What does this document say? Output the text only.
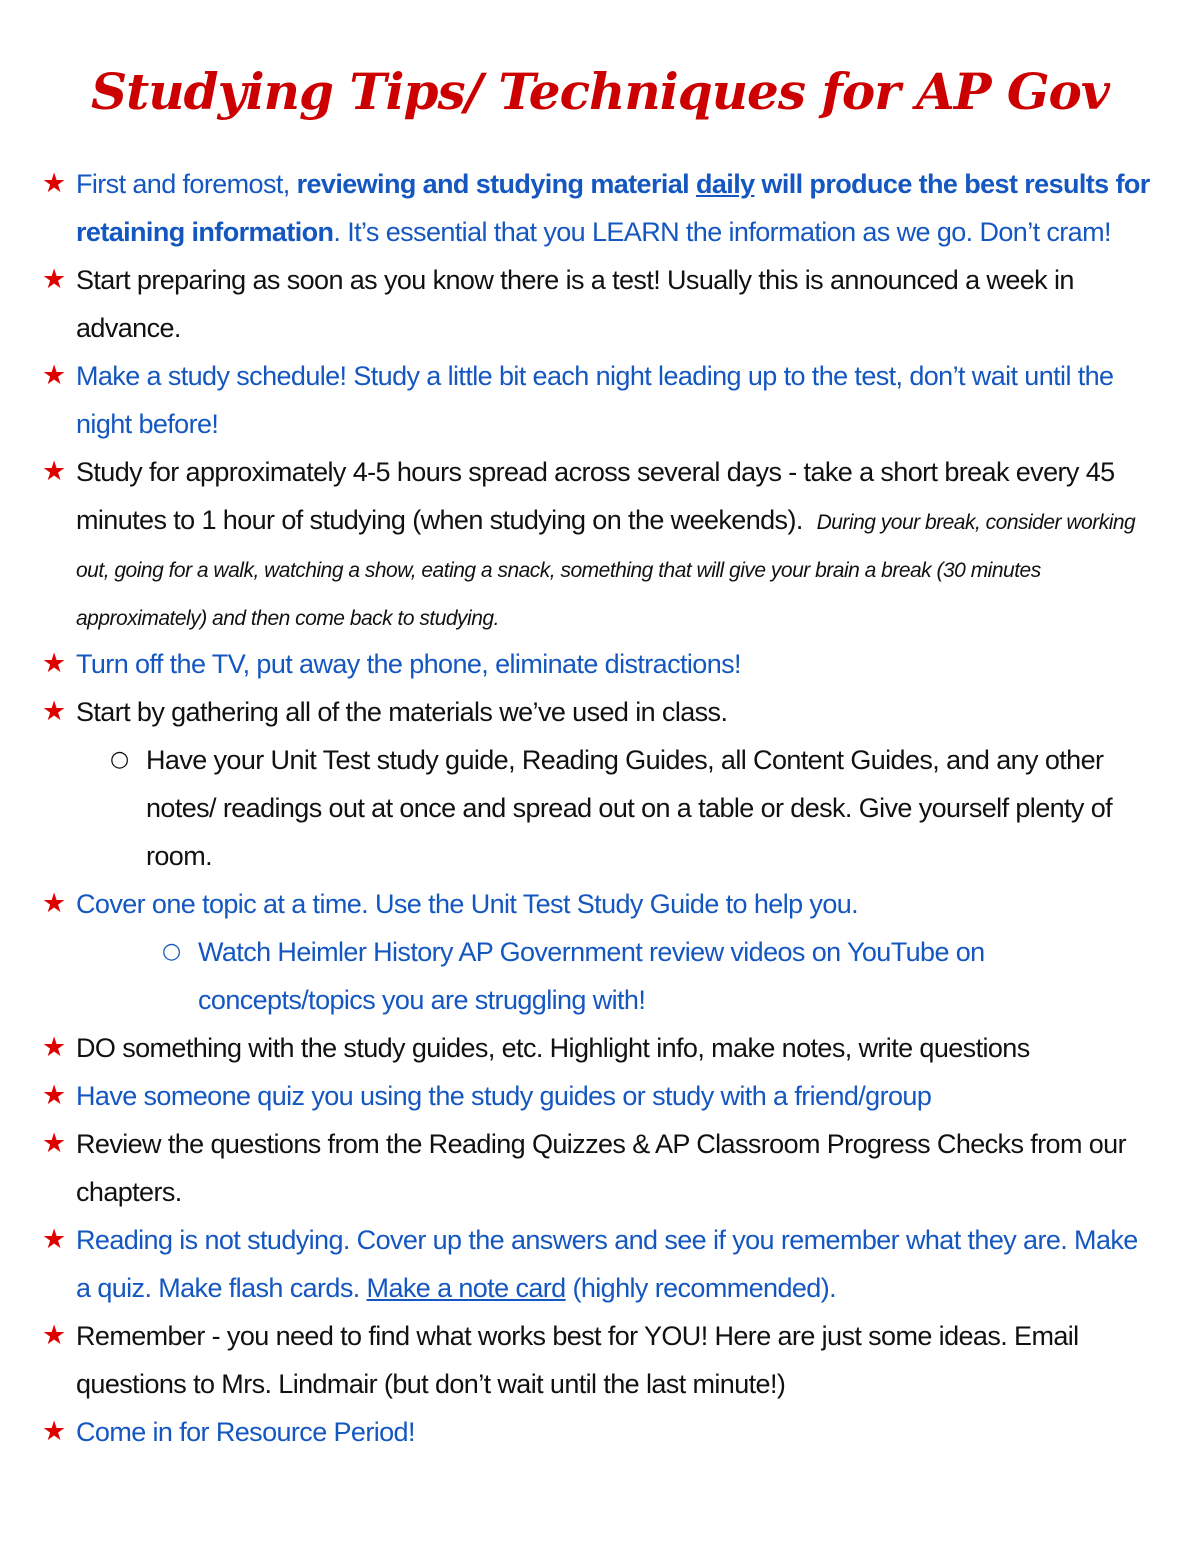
Studying Tips/ Techniques for AP Gov
★ First and foremost, reviewing and studying material daily will produce the best results for retaining information. It’s essential that you LEARN the information as we go. Don’t cram!
★ Start preparing as soon as you know there is a test! Usually this is announced a week in advance.
★ Make a study schedule! Study a little bit each night leading up to the test, don’t wait until the night before!
★ Study for approximately 4-5 hours spread across several days - take a short break every 45 minutes to 1 hour of studying (when studying on the weekends). During your break, consider working out, going for a walk, watching a show, eating a snack, something that will give your brain a break (30 minutes approximately) and then come back to studying.
★ Turn off the TV, put away the phone, eliminate distractions!
★ Start by gathering all of the materials we’ve used in class.
○ Have your Unit Test study guide, Reading Guides, all Content Guides, and any other notes/ readings out at once and spread out on a table or desk. Give yourself plenty of room.
★ Cover one topic at a time. Use the Unit Test Study Guide to help you.
○ Watch Heimler History AP Government review videos on YouTube on concepts/topics you are struggling with!
★ DO something with the study guides, etc. Highlight info, make notes, write questions
★ Have someone quiz you using the study guides or study with a friend/group
★ Review the questions from the Reading Quizzes & AP Classroom Progress Checks from our chapters.
★ Reading is not studying. Cover up the answers and see if you remember what they are. Make a quiz. Make flash cards. Make a note card (highly recommended).
★ Remember - you need to find what works best for YOU! Here are just some ideas. Email questions to Mrs. Lindmair (but don’t wait until the last minute!)
★ Come in for Resource Period!
